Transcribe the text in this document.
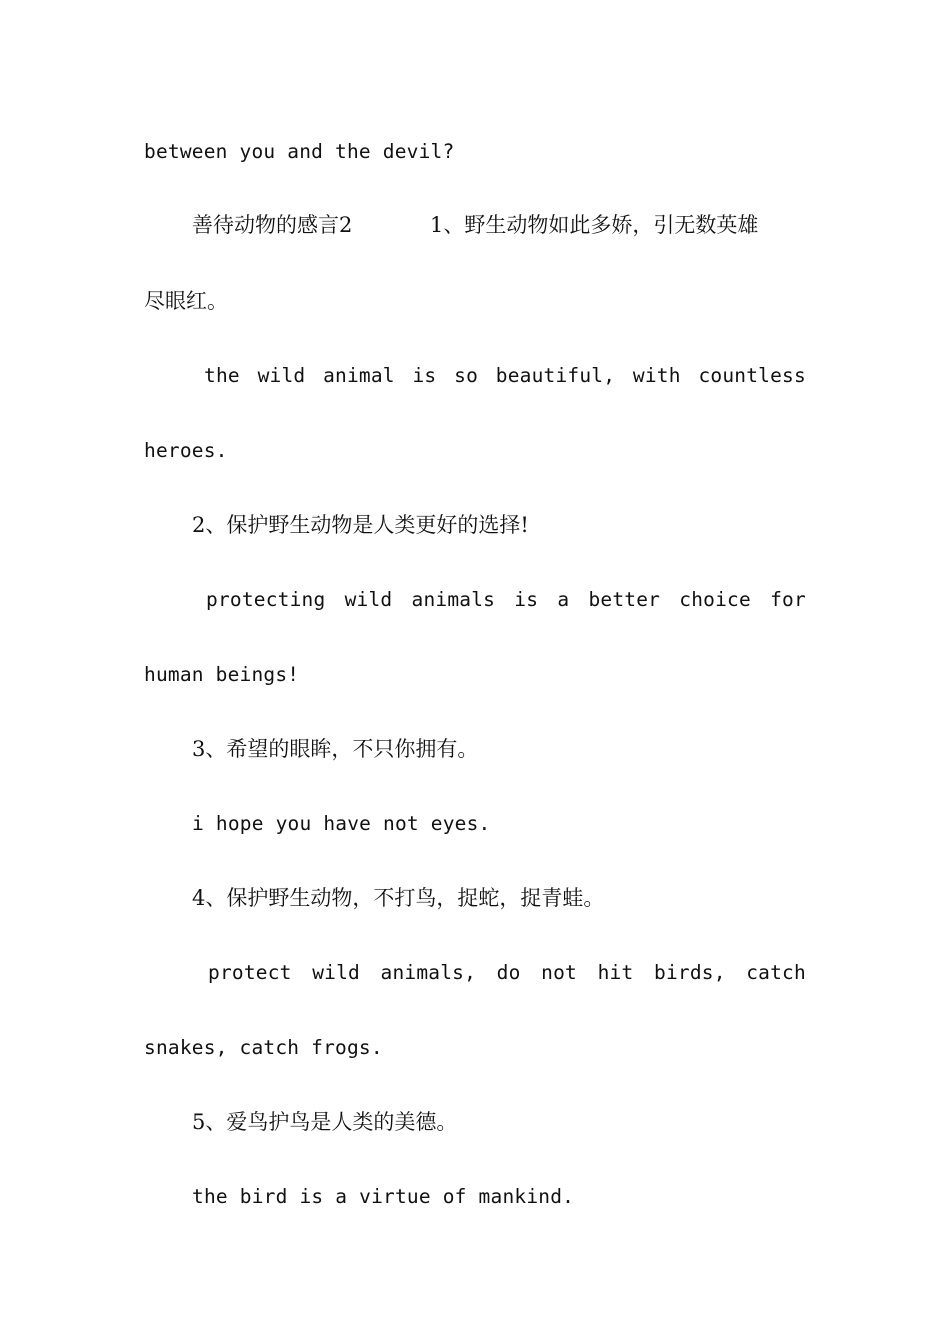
between you and the devil?
善待动物的感言2	1、野生动物如此多娇，引无数英雄
尽眼红。
the wild animal is so beautiful, with countless
heroes.
2、保护野生动物是人类更好的选择!
protecting wild animals is a better choice for
human beings!
3、希望的眼眸，不只你拥有。
i hope you have not eyes.
4、保护野生动物，不打鸟，捉蛇，捉青蛙。
protect wild animals, do not hit birds, catch
snakes, catch frogs.
5、爱鸟护鸟是人类的美德。
the bird is a virtue of mankind.
